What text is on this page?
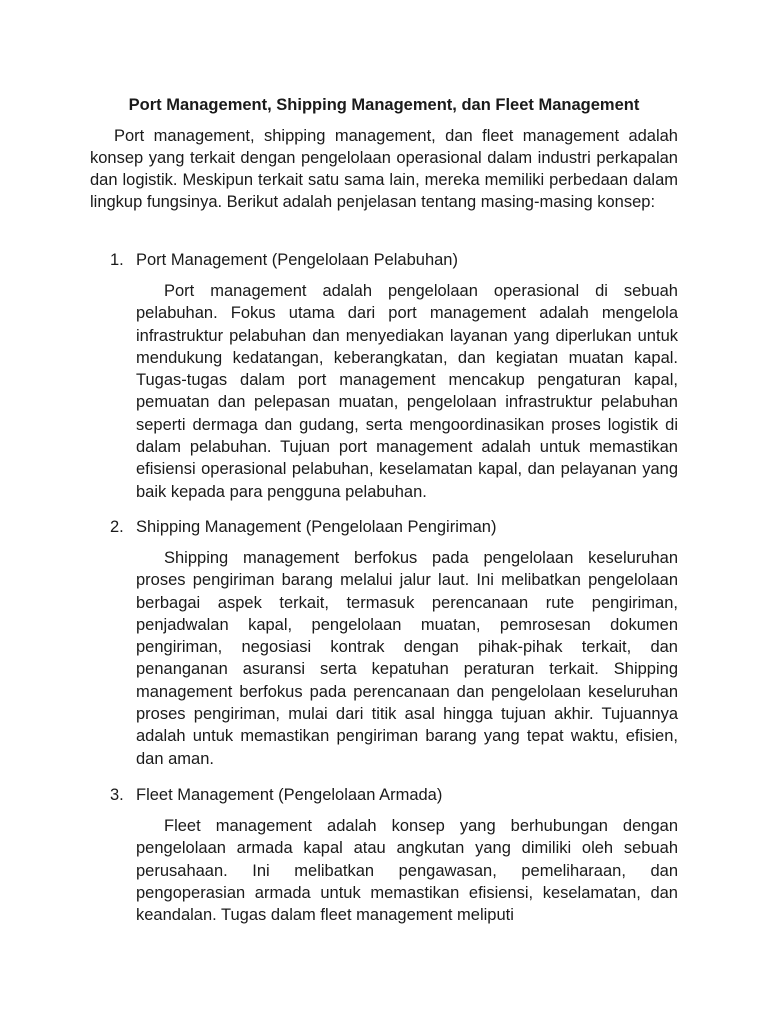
Port Management, Shipping Management, dan Fleet Management

Port management, shipping management, dan fleet management adalah konsep yang terkait dengan pengelolaan operasional dalam industri perkapalan dan logistik. Meskipun terkait satu sama lain, mereka memiliki perbedaan dalam lingkup fungsinya. Berikut adalah penjelasan tentang masing-masing konsep:

1. Port Management (Pengelolaan Pelabuhan)

Port management adalah pengelolaan operasional di sebuah pelabuhan. Fokus utama dari port management adalah mengelola infrastruktur pelabuhan dan menyediakan layanan yang diperlukan untuk mendukung kedatangan, keberangkatan, dan kegiatan muatan kapal. Tugas-tugas dalam port management mencakup pengaturan kapal, pemuatan dan pelepasan muatan, pengelolaan infrastruktur pelabuhan seperti dermaga dan gudang, serta mengoordinasikan proses logistik di dalam pelabuhan. Tujuan port management adalah untuk memastikan efisiensi operasional pelabuhan, keselamatan kapal, dan pelayanan yang baik kepada para pengguna pelabuhan.

2. Shipping Management (Pengelolaan Pengiriman)

Shipping management berfokus pada pengelolaan keseluruhan proses pengiriman barang melalui jalur laut. Ini melibatkan pengelolaan berbagai aspek terkait, termasuk perencanaan rute pengiriman, penjadwalan kapal, pengelolaan muatan, pemrosesan dokumen pengiriman, negosiasi kontrak dengan pihak-pihak terkait, dan penanganan asuransi serta kepatuhan peraturan terkait. Shipping management berfokus pada perencanaan dan pengelolaan keseluruhan proses pengiriman, mulai dari titik asal hingga tujuan akhir. Tujuannya adalah untuk memastikan pengiriman barang yang tepat waktu, efisien, dan aman.

3. Fleet Management (Pengelolaan Armada)

Fleet management adalah konsep yang berhubungan dengan pengelolaan armada kapal atau angkutan yang dimiliki oleh sebuah perusahaan. Ini melibatkan pengawasan, pemeliharaan, dan pengoperasian armada untuk memastikan efisiensi, keselamatan, dan keandalan. Tugas dalam fleet management meliputi
